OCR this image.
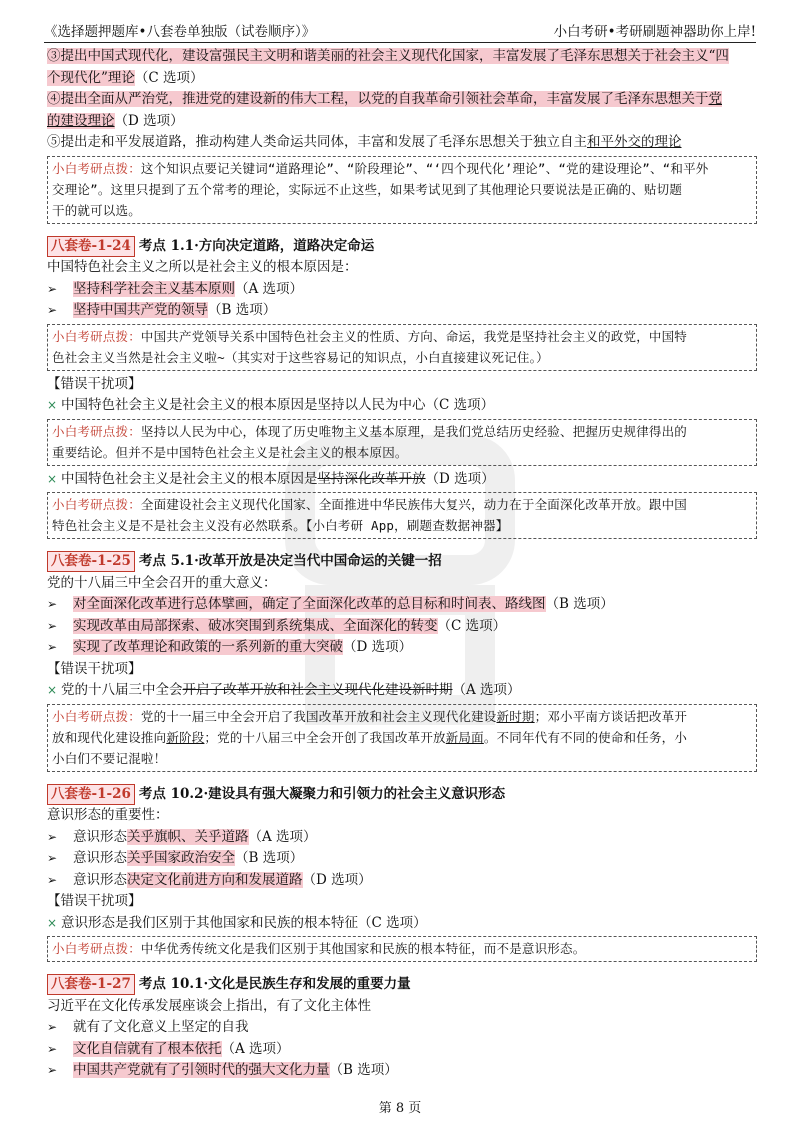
《选择题押题库•八套卷单独版（试卷顺序）》	小白考研•考研刷题神器助你上岸!
③提出中国式现代化，建设富强民主文明和谐美丽的社会主义现代化国家，丰富发展了毛泽东思想关于社会主义“四
个现代化”理论（C 选项）
④提出全面从严治党，推进党的建设新的伟大工程，以党的自我革命引领社会革命，丰富发展了毛泽东思想关于党
的建设理论（D 选项）
⑤提出走和平发展道路，推动构建人类命运共同体，丰富和发展了毛泽东思想关于独立自主和平外交的理论
小白考研点拨：这个知识点要记关键词“道路理论”、“阶段理论”、“‘四个现代化’理论”、“党的建设理论”、“和平外
交理论”。这里只提到了五个常考的理论，实际远不止这些，如果考试见到了其他理论只要说法是正确的、贴切题
干的就可以选。
八套卷-1-24 考点 1.1·方向决定道路，道路决定命运
中国特色社会主义之所以是社会主义的根本原因是：
➢ 坚持科学社会主义基本原则（A 选项）
➢ 坚持中国共产党的领导（B 选项）
小白考研点拨：中国共产党领导关系中国特色社会主义的性质、方向、命运，我党是坚持社会主义的政党，中国特
色社会主义当然是社会主义啦~（其实对于这些容易记的知识点，小白直接建议死记住。）
【错误干扰项】
× 中国特色社会主义是社会主义的根本原因是坚持以人民为中心（C 选项）
小白考研点拨：坚持以人民为中心，体现了历史唯物主义基本原理，是我们党总结历史经验、把握历史规律得出的
重要结论。但并不是中国特色社会主义是社会主义的根本原因。
× 中国特色社会主义是社会主义的根本原因是坚持深化改革开放（D 选项）
小白考研点拨：全面建设社会主义现代化国家、全面推进中华民族伟大复兴，动力在于全面深化改革开放。跟中国
特色社会主义是不是社会主义没有必然联系。【小白考研 App，刷题查数据神器】
八套卷-1-25 考点 5.1·改革开放是决定当代中国命运的关键一招
党的十八届三中全会召开的重大意义：
➢ 对全面深化改革进行总体擘画，确定了全面深化改革的总目标和时间表、路线图（B 选项）
➢ 实现改革由局部探索、破冰突围到系统集成、全面深化的转变（C 选项）
➢ 实现了改革理论和政策的一系列新的重大突破（D 选项）
【错误干扰项】
× 党的十八届三中全会开启了改革开放和社会主义现代化建设新时期（A 选项）
小白考研点拨：党的十一届三中全会开启了我国改革开放和社会主义现代化建设新时期；邓小平南方谈话把改革开
放和现代化建设推向新阶段；党的十八届三中全会开创了我国改革开放新局面。不同年代有不同的使命和任务，小
小白们不要记混啦！
八套卷-1-26 考点 10.2·建设具有强大凝聚力和引领力的社会主义意识形态
意识形态的重要性：
➢ 意识形态关乎旗帜、关乎道路（A 选项）
➢ 意识形态关乎国家政治安全（B 选项）
➢ 意识形态决定文化前进方向和发展道路（D 选项）
【错误干扰项】
× 意识形态是我们区别于其他国家和民族的根本特征（C 选项）
小白考研点拨：中华优秀传统文化是我们区别于其他国家和民族的根本特征，而不是意识形态。
八套卷-1-27 考点 10.1·文化是民族生存和发展的重要力量
习近平在文化传承发展座谈会上指出，有了文化主体性
➢ 就有了文化意义上坚定的自我
➢ 文化自信就有了根本依托（A 选项）
➢ 中国共产党就有了引领时代的强大文化力量（B 选项）
第 8 页
